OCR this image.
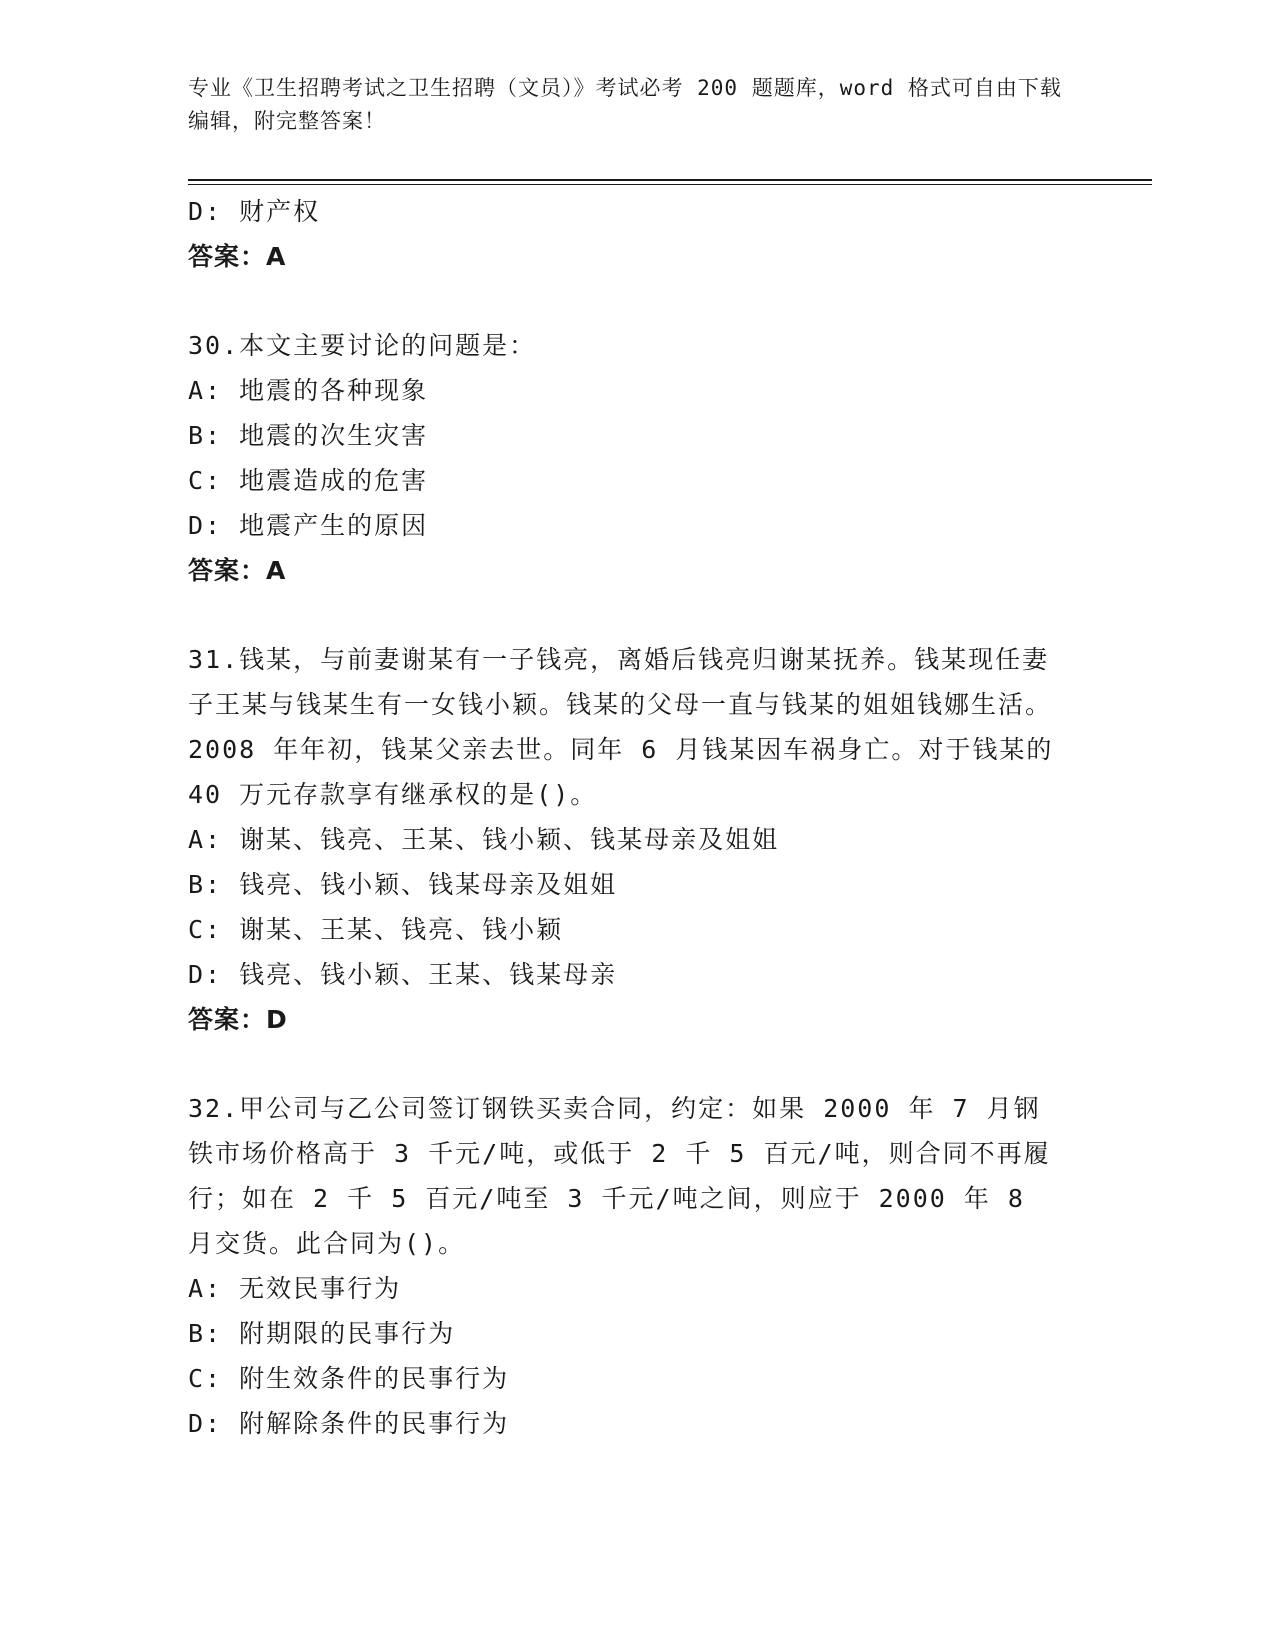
专业《卫生招聘考试之卫生招聘（文员）》考试必考 200 题题库，word 格式可自由下载编辑，附完整答案！
D: 财产权
答案：A
30.本文主要讨论的问题是：
A: 地震的各种现象
B: 地震的次生灾害
C: 地震造成的危害
D: 地震产生的原因
答案：A
31.钱某，与前妻谢某有一子钱亮，离婚后钱亮归谢某抚养。钱某现任妻子王某与钱某生有一女钱小颖。钱某的父母一直与钱某的姐姐钱娜生活。2008 年年初，钱某父亲去世。同年 6 月钱某因车祸身亡。对于钱某的 40 万元存款享有继承权的是()。
A: 谢某、钱亮、王某、钱小颖、钱某母亲及姐姐
B: 钱亮、钱小颖、钱某母亲及姐姐
C: 谢某、王某、钱亮、钱小颖
D: 钱亮、钱小颖、王某、钱某母亲
答案：D
32.甲公司与乙公司签订钢铁买卖合同，约定：如果 2000 年 7 月钢铁市场价格高于 3 千元/吨，或低于 2 千 5 百元/吨，则合同不再履行；如在 2 千 5 百元/吨至 3 千元/吨之间，则应于 2000 年 8 月交货。此合同为()。
A: 无效民事行为
B: 附期限的民事行为
C: 附生效条件的民事行为
D: 附解除条件的民事行为
